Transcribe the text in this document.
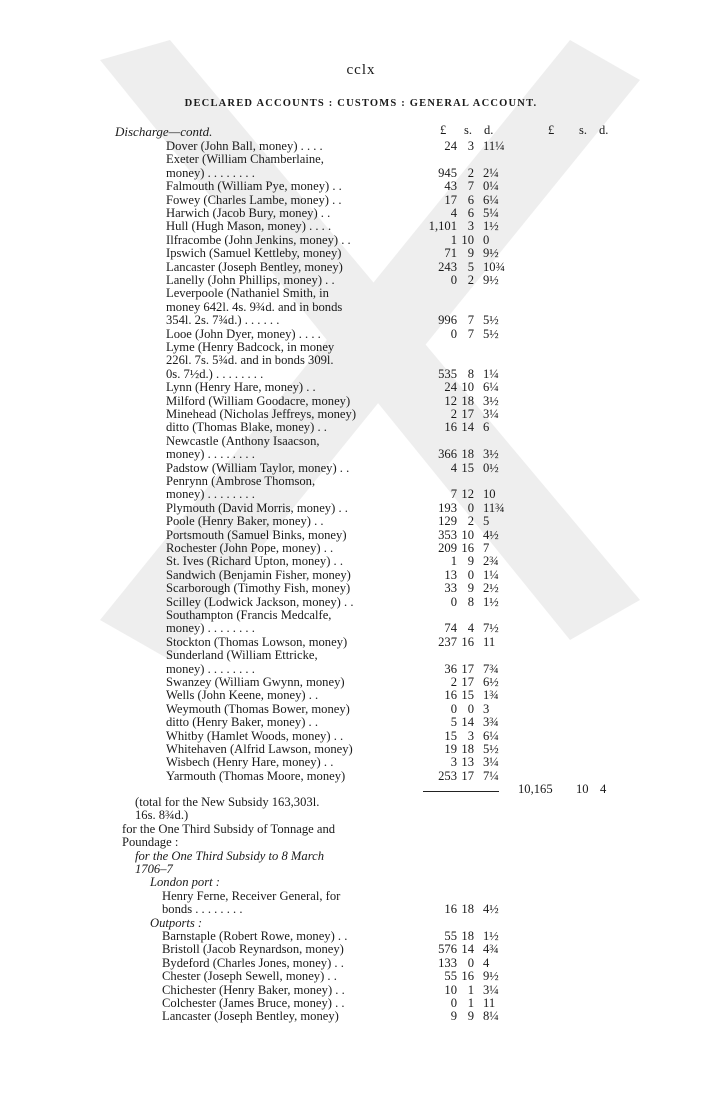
cclx
DECLARED ACCOUNTS : CUSTOMS : GENERAL ACCOUNT.
Discharge—contd.	£ s. d.	£ s. d.
Dover (John Ball, money) . . . .	24 3 11¼
Exeter (William Chamberlaine,
money) . . . . . . . .	945 2 2¼
Falmouth (William Pye, money) . .	43 7 0¼
Fowey (Charles Lambe, money) . .	17 6 6¼
Harwich (Jacob Bury, money) . .	4 6 5¼
Hull (Hugh Mason, money) . . . .	1,101 3 1½
Ilfracombe (John Jenkins, money) . .	1 10 0
Ipswich (Samuel Kettleby, money)	71 9 9½
Lancaster (Joseph Bentley, money)	243 5 10¾
Lanelly (John Phillips, money) . .	0 2 9½
Leverpoole (Nathaniel Smith, in
money 642l. 4s. 9¾d. and in bonds
354l. 2s. 7¾d.) . . . . . .	996 7 5½
Looe (John Dyer, money) . . . .	0 7 5½
Lyme (Henry Badcock, in money
226l. 7s. 5¾d. and in bonds 309l.
0s. 7½d.) . . . . . . . .	535 8 1¼
Lynn (Henry Hare, money) . .	24 10 6¼
Milford (William Goodacre, money)	12 18 3½
Minehead (Nicholas Jeffreys, money)	2 17 3¼
ditto (Thomas Blake, money) . .	16 14 6
Newcastle (Anthony Isaacson,
money) . . . . . . . .	366 18 3½
Padstow (William Taylor, money) . .	4 15 0½
Penrynn (Ambrose Thomson,
money) . . . . . . . .	7 12 10
Plymouth (David Morris, money) . .	193 0 11¾
Poole (Henry Baker, money) . .	129 2 5
Portsmouth (Samuel Binks, money)	353 10 4½
Rochester (John Pope, money) . .	209 16 7
St. Ives (Richard Upton, money) . .	1 9 2¾
Sandwich (Benjamin Fisher, money)	13 0 1¼
Scarborough (Timothy Fish, money)	33 9 2½
Scilley (Lodwick Jackson, money) . .	0 8 1½
Southampton (Francis Medcalfe,
money) . . . . . . . .	74 4 7½
Stockton (Thomas Lowson, money)	237 16 11
Sunderland (William Ettricke,
money) . . . . . . . .	36 17 7¾
Swanzey (William Gwynn, money)	2 17 6½
Wells (John Keene, money) . .	16 15 1¾
Weymouth (Thomas Bower, money)	0 0 3
ditto (Henry Baker, money) . .	5 14 3¾
Whitby (Hamlet Woods, money) . .	15 3 6¼
Whitehaven (Alfrid Lawson, money)	19 18 5½
Wisbech (Henry Hare, money) . .	3 13 3¼
Yarmouth (Thomas Moore, money)	253 17 7¼
(total for the New Subsidy 163,303l.
16s. 8¾d.)
for the One Third Subsidy of Tonnage and
Poundage :
for the One Third Subsidy to 8 March
1706–7
London port :
Henry Ferne, Receiver General, for
bonds . . . . . . . .	16 18 4½
Outports :
Barnstaple (Robert Rowe, money) . .	55 18 1½
Bristoll (Jacob Reynardson, money)	576 14 4¾
Bydeford (Charles Jones, money) . .	133 0 4
Chester (Joseph Sewell, money) . .	55 16 9½
Chichester (Henry Baker, money) . .	10 1 3¼
Colchester (James Bruce, money) . .	0 1 11
Lancaster (Joseph Bentley, money)	9 9 8¼
10,165 10 4
